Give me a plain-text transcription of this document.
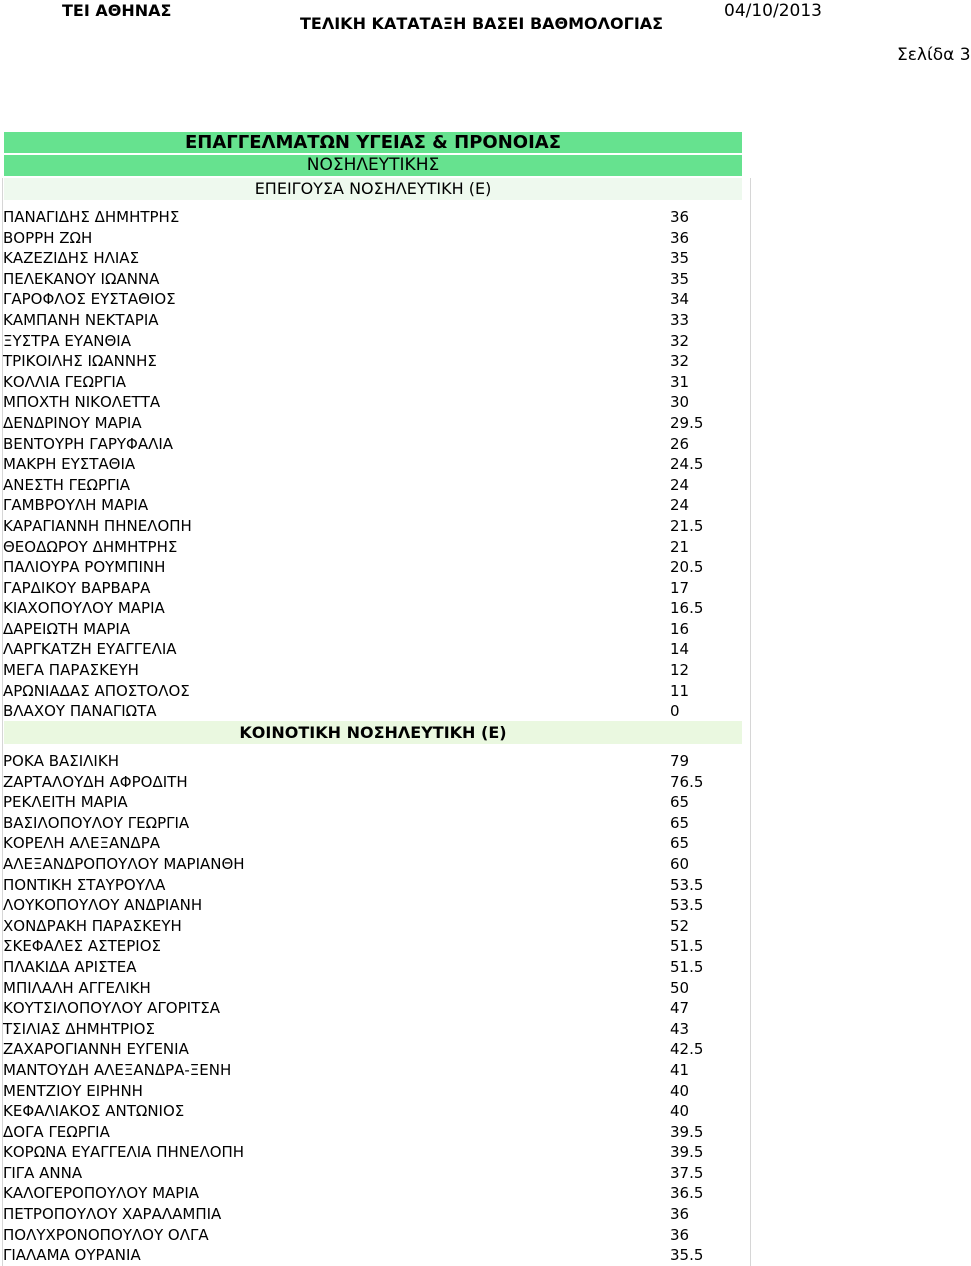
ΤΕΙ ΑΘΗΝΑΣ
ΤΕΛΙΚΗ ΚΑΤΑΤΑΞΗ ΒΑΣΕΙ ΒΑΘΜΟΛΟΓΙΑΣ
04/10/2013
Σελίδα 3
ΕΠΑΓΓΕΛΜΑΤΩΝ ΥΓΕΙΑΣ & ΠΡΟΝΟΙΑΣ
ΝΟΣΗΛΕΥΤΙΚΗΣ
ΕΠΕΙΓΟΥΣΑ ΝΟΣΗΛΕΥΤΙΚΗ (Ε)
ΠΑΝΑΓΙΔΗΣ ΔΗΜΗΤΡΗΣ	36
ΒΟΡΡΗ ΖΩΗ	36
ΚΑΖΕΖΙΔΗΣ ΗΛΙΑΣ	35
ΠΕΛΕΚΑΝΟΥ ΙΩΑΝΝΑ	35
ΓΑΡΟΦΛΟΣ ΕΥΣΤΑΘΙΟΣ	34
ΚΑΜΠΑΝΗ ΝΕΚΤΑΡΙΑ	33
ΞΥΣΤΡΑ ΕΥΑΝΘΙΑ	32
ΤΡΙΚΟΙΛΗΣ ΙΩΑΝΝΗΣ	32
ΚΟΛΛΙΑ ΓΕΩΡΓΙΑ	31
ΜΠΟΧΤΗ ΝΙΚΟΛΕΤΤΑ	30
ΔΕΝΔΡΙΝΟΥ ΜΑΡΙΑ	29.5
ΒΕΝΤΟΥΡΗ ΓΑΡΥΦΑΛΙΑ	26
ΜΑΚΡΗ ΕΥΣΤΑΘΙΑ	24.5
ΑΝΕΣΤΗ ΓΕΩΡΓΙΑ	24
ΓΑΜΒΡΟΥΛΗ ΜΑΡΙΑ	24
ΚΑΡΑΓΙΑΝΝΗ ΠΗΝΕΛΟΠΗ	21.5
ΘΕΟΔΩΡΟΥ ΔΗΜΗΤΡΗΣ	21
ΠΑΛΙΟΥΡΑ ΡΟΥΜΠΙΝΗ	20.5
ΓΑΡΔΙΚΟΥ ΒΑΡΒΑΡΑ	17
ΚΙΑΧΟΠΟΥΛΟΥ ΜΑΡΙΑ	16.5
ΔΑΡΕΙΩΤΗ ΜΑΡΙΑ	16
ΛΑΡΓΚΑΤΖΗ ΕΥΑΓΓΕΛΙΑ	14
ΜΕΓΑ ΠΑΡΑΣΚΕΥΗ	12
ΑΡΩΝΙΑΔΑΣ ΑΠΟΣΤΟΛΟΣ	11
ΒΛΑΧΟΥ ΠΑΝΑΓΙΩΤΑ	0
ΚΟΙΝΟΤΙΚΗ ΝΟΣΗΛΕΥΤΙΚΗ (Ε)
ΡΟΚΑ ΒΑΣΙΛΙΚΗ	79
ΖΑΡΤΑΛΟΥΔΗ ΑΦΡΟΔΙΤΗ	76.5
ΡΕΚΛΕΙΤΗ ΜΑΡΙΑ	65
ΒΑΣΙΛΟΠΟΥΛΟΥ ΓΕΩΡΓΙΑ	65
ΚΟΡΕΛΗ ΑΛΕΞΑΝΔΡΑ	65
ΑΛΕΞΑΝΔΡΟΠΟΥΛΟΥ ΜΑΡΙΑΝΘΗ	60
ΠΟΝΤΙΚΗ ΣΤΑΥΡΟΥΛΑ	53.5
ΛΟΥΚΟΠΟΥΛΟΥ ΑΝΔΡΙΑΝΗ	53.5
ΧΟΝΔΡΑΚΗ ΠΑΡΑΣΚΕΥΗ	52
ΣΚΕΦΑΛΕΣ ΑΣΤΕΡΙΟΣ	51.5
ΠΛΑΚΙΔΑ ΑΡΙΣΤΕΑ	51.5
ΜΠΙΛΑΛΗ ΑΓΓΕΛΙΚΗ	50
ΚΟΥΤΣΙΛΟΠΟΥΛΟΥ ΑΓΟΡΙΤΣΑ	47
ΤΣΙΛΙΑΣ ΔΗΜΗΤΡΙΟΣ	43
ΖΑΧΑΡΟΓΙΑΝΝΗ ΕΥΓΕΝΙΑ	42.5
ΜΑΝΤΟΥΔΗ ΑΛΕΞΑΝΔΡΑ-ΞΕΝΗ	41
ΜΕΝΤΖΙΟΥ ΕΙΡΗΝΗ	40
ΚΕΦΑΛΙΑΚΟΣ ΑΝΤΩΝΙΟΣ	40
ΔΟΓΑ ΓΕΩΡΓΙΑ	39.5
ΚΟΡΩΝΑ ΕΥΑΓΓΕΛΙΑ ΠΗΝΕΛΟΠΗ	39.5
ΓΙΓΑ ΑΝΝΑ	37.5
ΚΑΛΟΓΕΡΟΠΟΥΛΟΥ ΜΑΡΙΑ	36.5
ΠΕΤΡΟΠΟΥΛΟΥ ΧΑΡΑΛΑΜΠΙΑ	36
ΠΟΛΥΧΡΟΝΟΠΟΥΛΟΥ ΟΛΓΑ	36
ΓΙΑΛΑΜΑ ΟΥΡΑΝΙΑ	35.5
